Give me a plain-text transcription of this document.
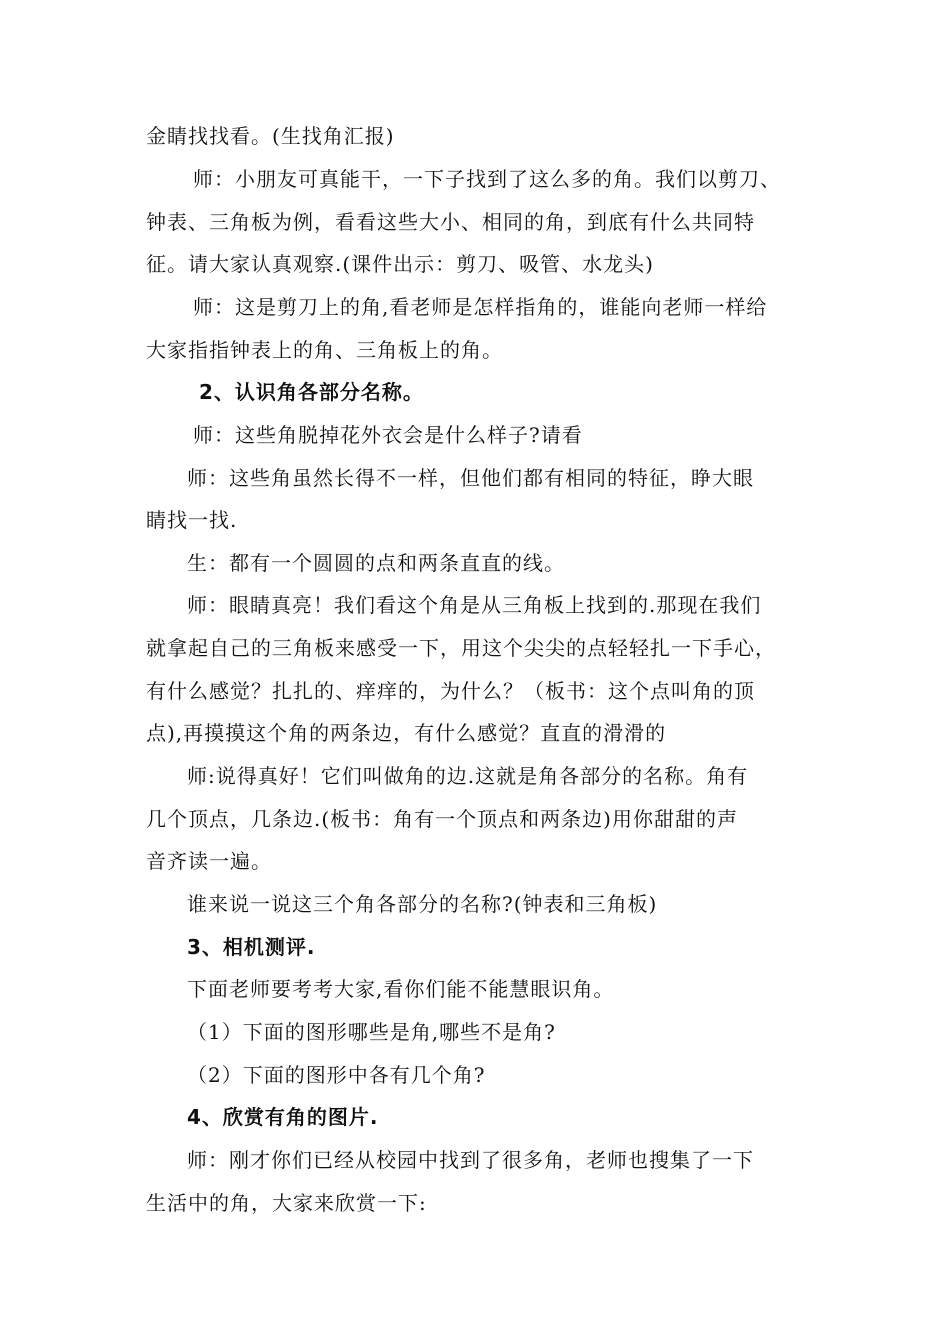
金睛找找看。(生找角汇报)
师：小朋友可真能干，一下子找到了这么多的角。我们以剪刀、
钟表、三角板为例，看看这些大小、相同的角，到底有什么共同特
征。请大家认真观察.(课件出示：剪刀、吸管、水龙头)
师：这是剪刀上的角,看老师是怎样指角的，谁能向老师一样给
大家指指钟表上的角、三角板上的角。
2、认识角各部分名称。
师：这些角脱掉花外衣会是什么样子?请看
师：这些角虽然长得不一样，但他们都有相同的特征，睁大眼
睛找一找.
生：都有一个圆圆的点和两条直直的线。
师：眼睛真亮！我们看这个角是从三角板上找到的.那现在我们
就拿起自己的三角板来感受一下，用这个尖尖的点轻轻扎一下手心，
有什么感觉？扎扎的、痒痒的，为什么？（板书：这个点叫角的顶
点),再摸摸这个角的两条边，有什么感觉？直直的滑滑的
师:说得真好！它们叫做角的边.这就是角各部分的名称。角有
几个顶点，几条边.(板书：角有一个顶点和两条边)用你甜甜的声
音齐读一遍。
谁来说一说这三个角各部分的名称?(钟表和三角板)
3、相机测评.
下面老师要考考大家,看你们能不能慧眼识角。
（1）下面的图形哪些是角,哪些不是角?
（2）下面的图形中各有几个角?
4、欣赏有角的图片.
师：刚才你们已经从校园中找到了很多角，老师也搜集了一下
生活中的角，大家来欣赏一下:
